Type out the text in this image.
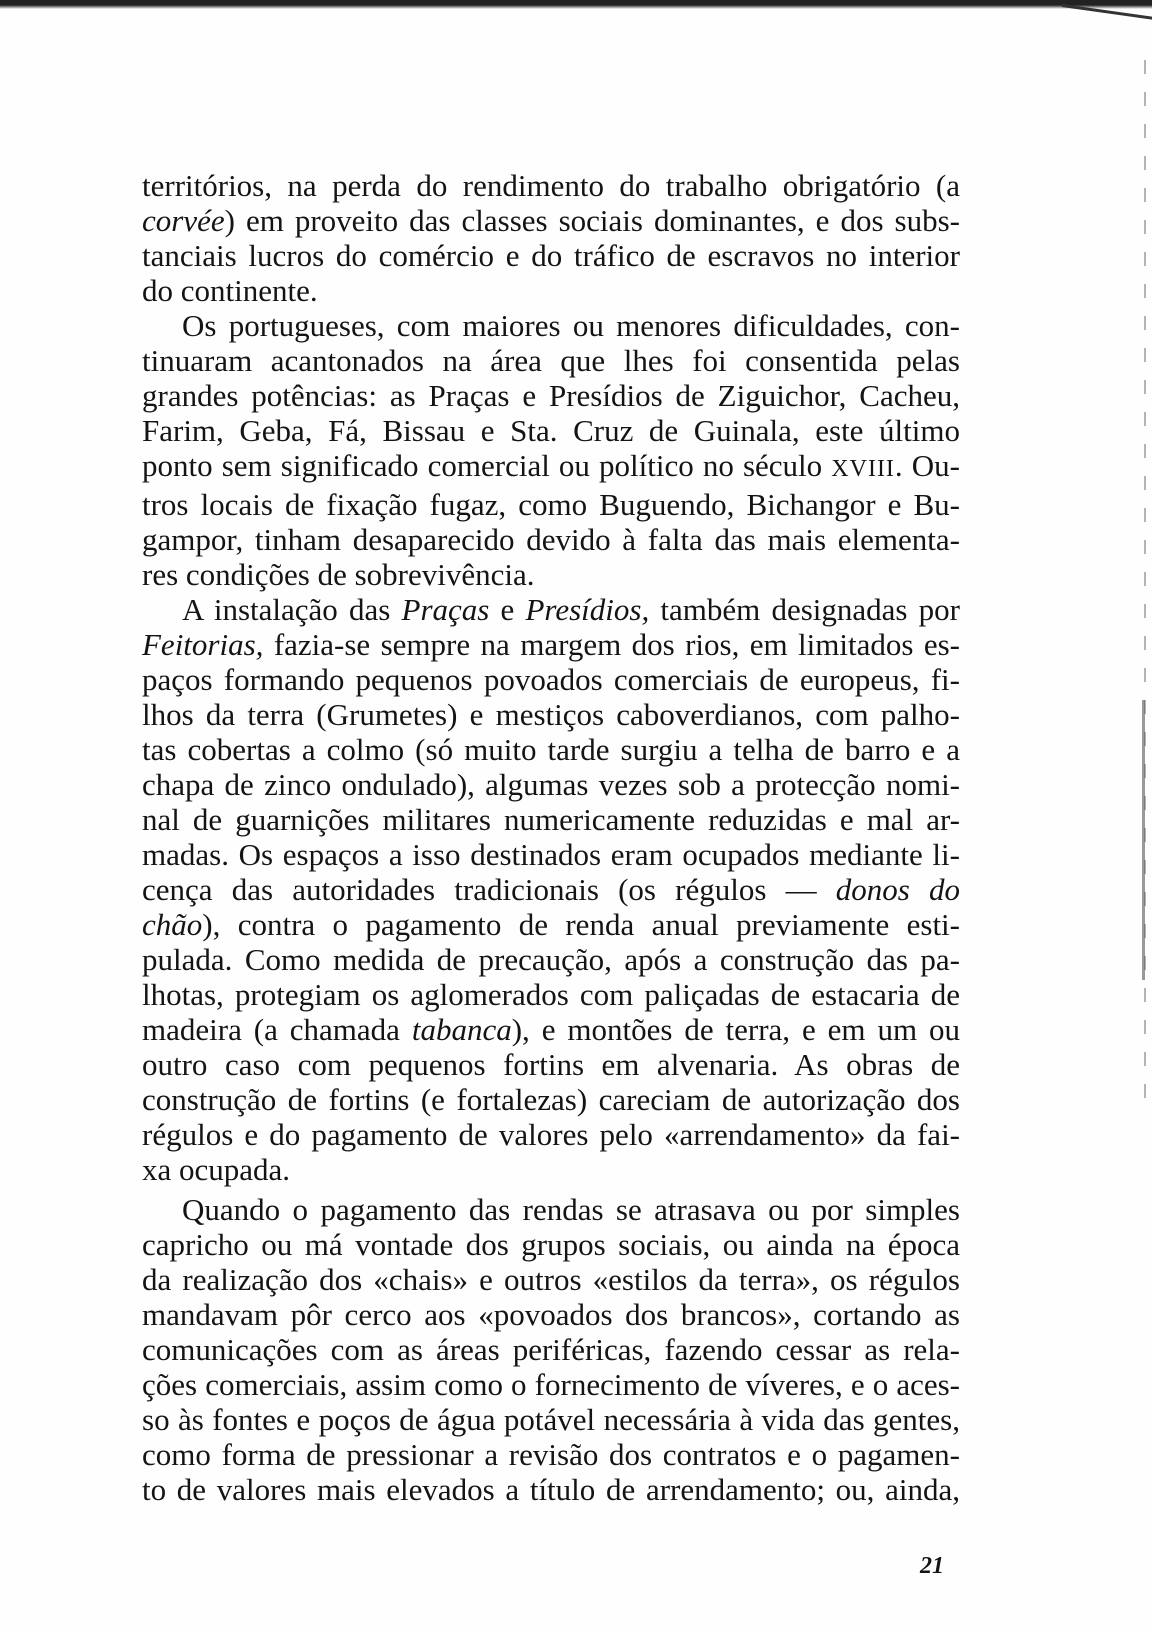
territórios, na perda do rendimento do trabalho obrigatório (a
corvée) em proveito das classes sociais dominantes, e dos subs-
tanciais lucros do comércio e do tráfico de escravos no interior
do continente.
Os portugueses, com maiores ou menores dificuldades, con-
tinuaram acantonados na área que lhes foi consentida pelas
grandes potências: as Praças e Presídios de Ziguichor, Cacheu,
Farim, Geba, Fá, Bissau e Sta. Cruz de Guinala, este último
ponto sem significado comercial ou político no século XVIII. Ou-
tros locais de fixação fugaz, como Buguendo, Bichangor e Bu-
gampor, tinham desaparecido devido à falta das mais elementa-
res condições de sobrevivência.
A instalação das Praças e Presídios, também designadas por
Feitorias, fazia-se sempre na margem dos rios, em limitados es-
paços formando pequenos povoados comerciais de europeus, fi-
lhos da terra (Grumetes) e mestiços caboverdianos, com palho-
tas cobertas a colmo (só muito tarde surgiu a telha de barro e a
chapa de zinco ondulado), algumas vezes sob a protecção nomi-
nal de guarnições militares numericamente reduzidas e mal ar-
madas. Os espaços a isso destinados eram ocupados mediante li-
cença das autoridades tradicionais (os régulos — donos do
chão), contra o pagamento de renda anual previamente esti-
pulada. Como medida de precaução, após a construção das pa-
lhotas, protegiam os aglomerados com paliçadas de estacaria de
madeira (a chamada tabanca), e montões de terra, e em um ou
outro caso com pequenos fortins em alvenaria. As obras de
construção de fortins (e fortalezas) careciam de autorização dos
régulos e do pagamento de valores pelo «arrendamento» da fai-
xa ocupada.
Quando o pagamento das rendas se atrasava ou por simples
capricho ou má vontade dos grupos sociais, ou ainda na época
da realização dos «chais» e outros «estilos da terra», os régulos
mandavam pôr cerco aos «povoados dos brancos», cortando as
comunicações com as áreas periféricas, fazendo cessar as rela-
ções comerciais, assim como o fornecimento de víveres, e o aces-
so às fontes e poços de água potável necessária à vida das gentes,
como forma de pressionar a revisão dos contratos e o pagamen-
to de valores mais elevados a título de arrendamento; ou, ainda,
21
